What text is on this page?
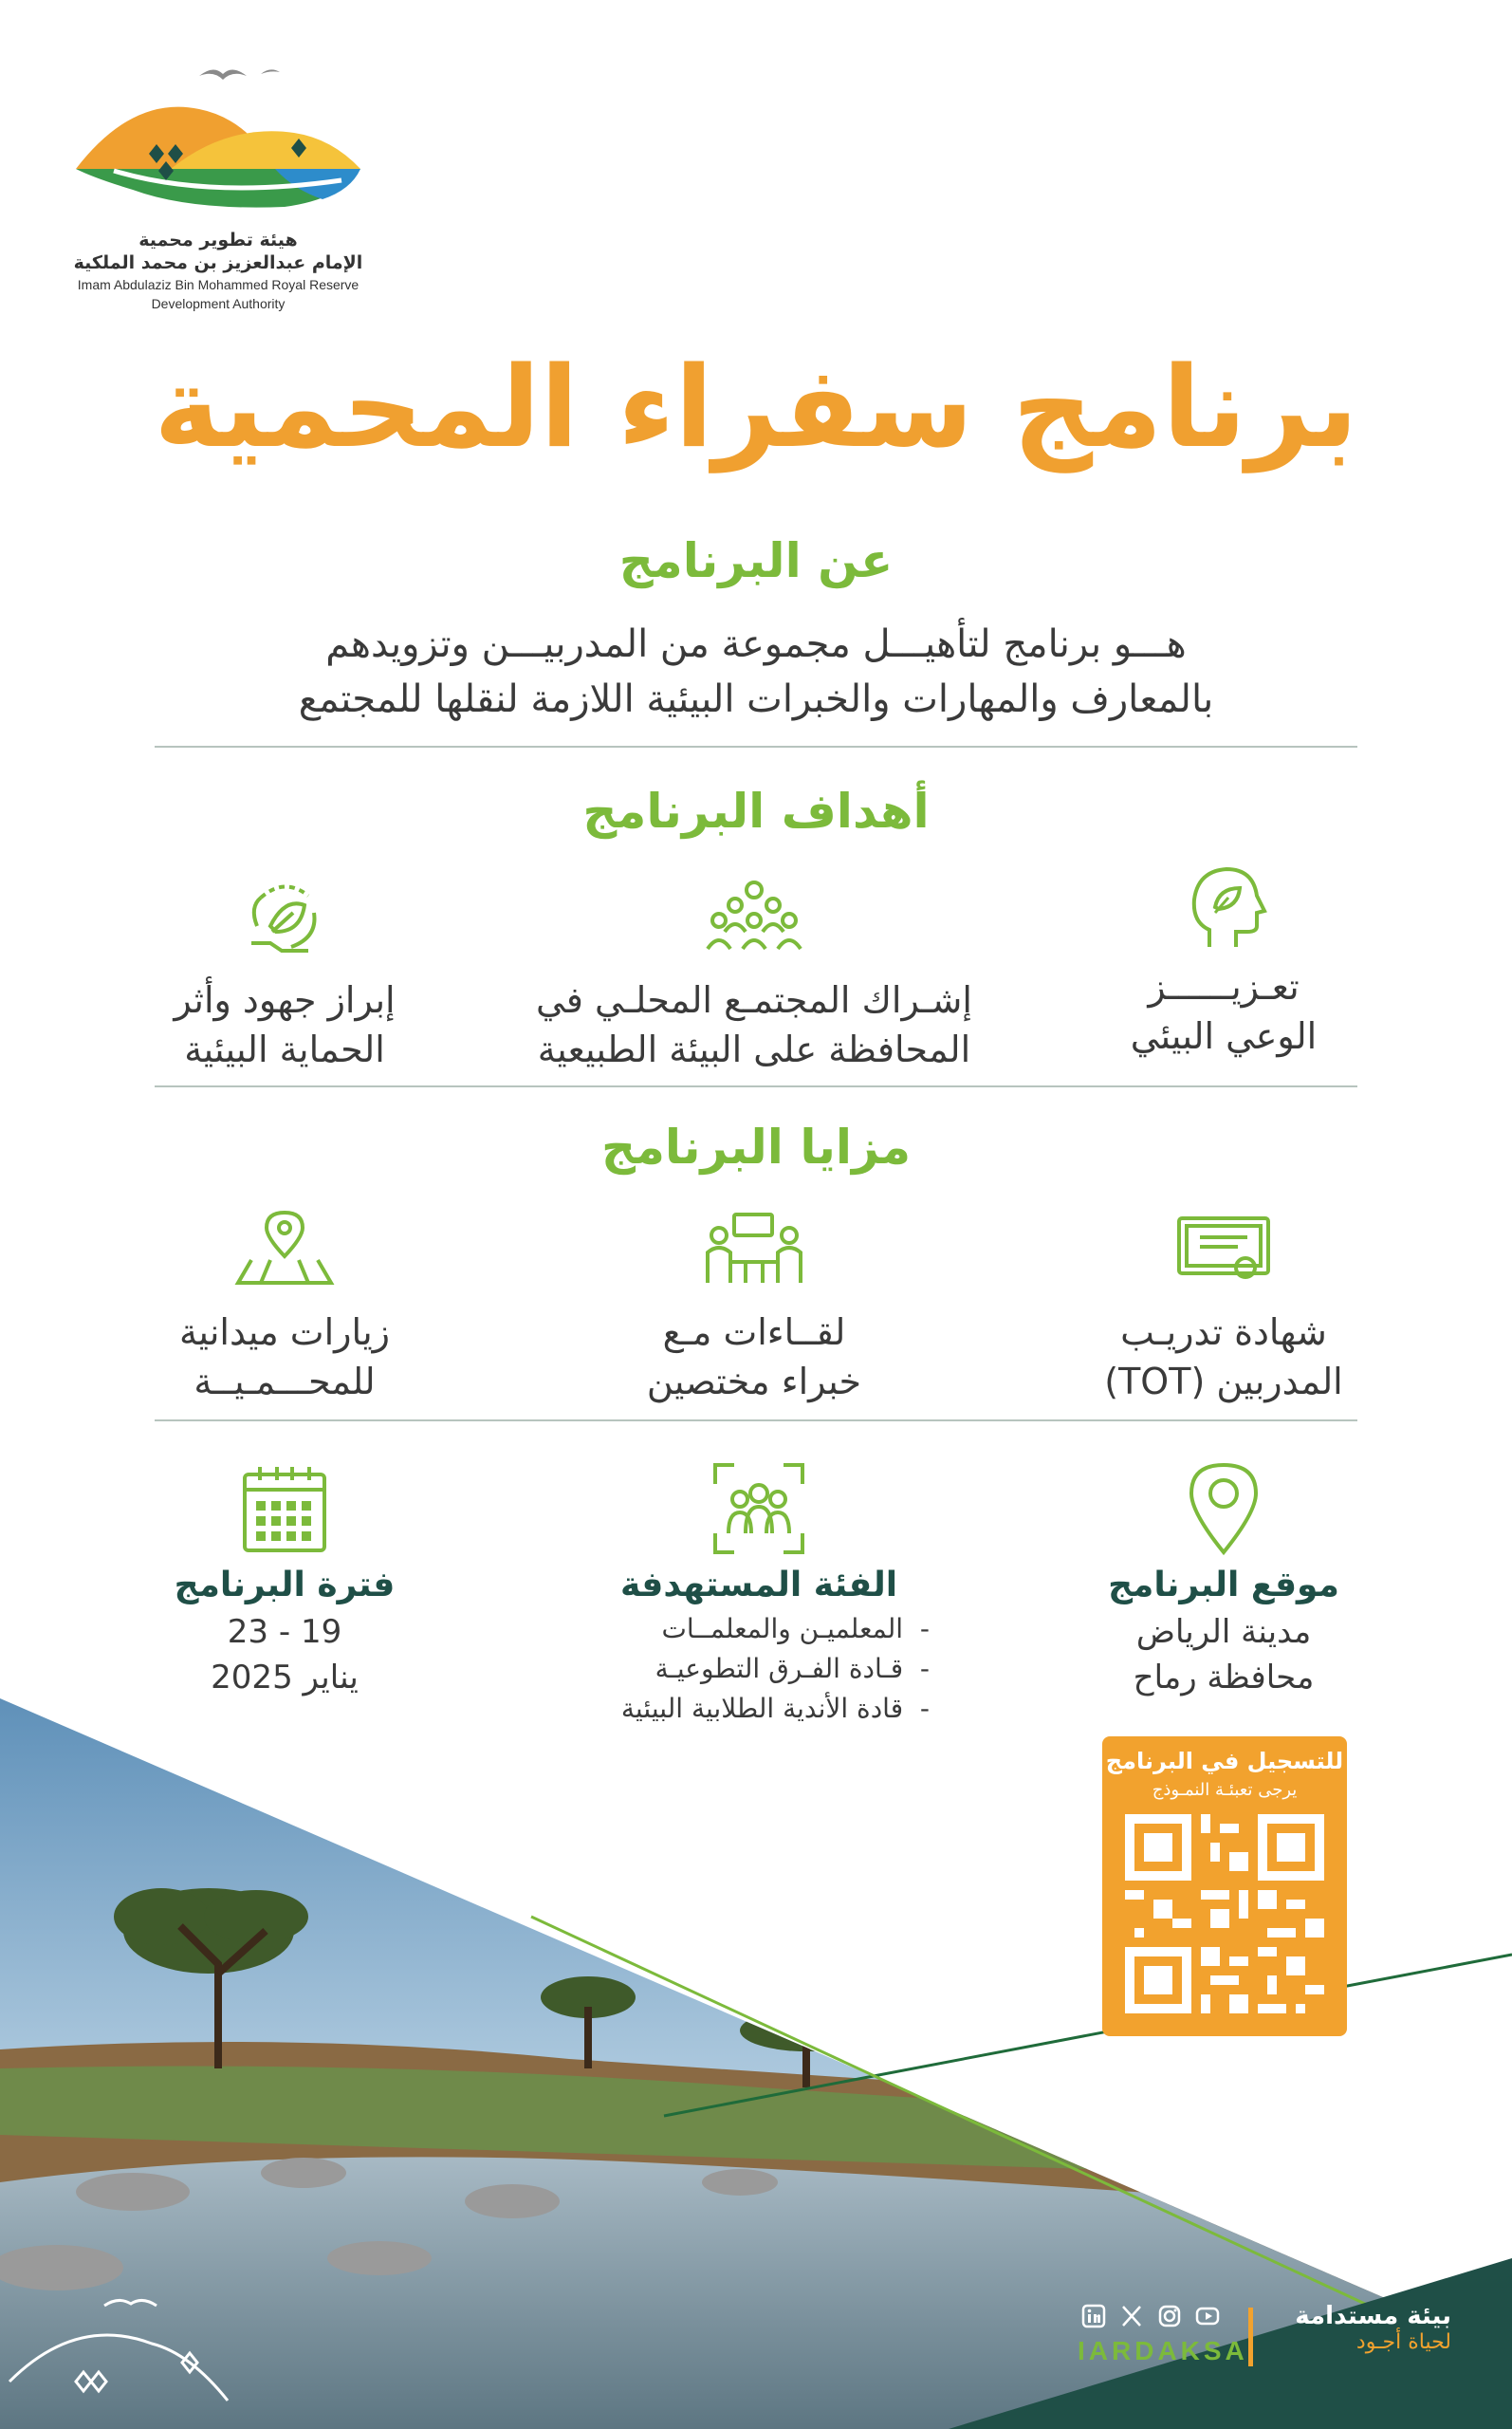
هيئة تطوير محمية
الإمام عبدالعزيز بن محمد الملكية
Imam Abdulaziz Bin Mohammed Royal Reserve
Development Authority
برنامج سفراء المحمية
عن البرنامج
هـــو برنامج لتأهيـــل مجموعة من المدربيـــن وتزويدهم
بالمعارف والمهارات والخبرات البيئية اللازمة لنقلها للمجتمع
أهداف البرنامج
تعـزيــــــز
الوعي البيئي
إشـراك المجتمـع المحلـي في
المحافظة على البيئة الطبيعية
إبراز جهود وأثر
الحماية البيئية
مزايا البرنامج
شهادة تدريـب
المدربين (TOT)
لقــاءات مـع
خبراء مختصين
زيارات ميدانية
للمحـــمـيــة
موقع البرنامج
مدينة الرياض
محافظة رماح
الفئة المستهدفة
-  المعلميـن والمعلمــات
-  قـادة الفـرق التطوعيـة
-  قادة الأندية الطلابية البيئية
فترة البرنامج
19 - 23
يناير 2025
للتسجيل في البرنامج
يرجى تعبئـة النمـوذج
بيئة مستدامة
لحياة أجـود
IARDAKSA
